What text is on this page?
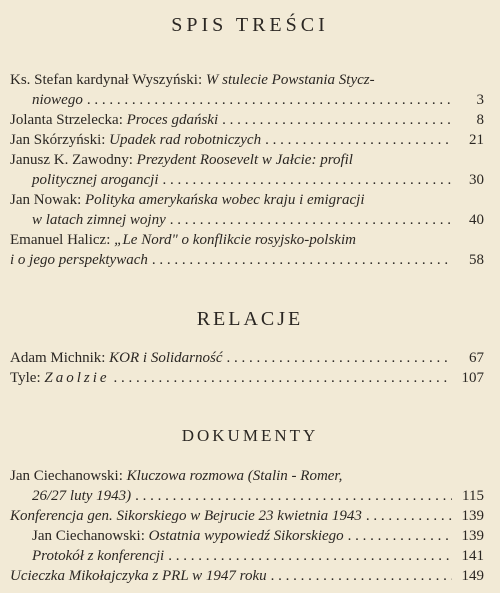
SPIS TREŚCI
Ks. Stefan kardynał Wyszyński:
W stulecie Powstania Stycz-
niowego . . .	3
Jolanta Strzelecka:
Proces gdański . . .	8
Jan Skórzyński:
Upadek rad robotniczych . . .	21
Janusz K. Zawodny:
Prezydent Roosevelt w Jałcie: profil
politycznej arogancji . . .	30
Jan Nowak:
Polityka amerykańska wobec kraju i emigracji
w latach zimnej wojny . . .	40
Emanuel Halicz:
„Le Nord" o konflikcie rosyjsko-polskim
i o jego perspektywach . . .	58
RELACJE
Adam Michnik:
KOR i Solidarność . . .	67
Tyle:
Zaolzie . . .	107
DOKUMENTY
Jan Ciechanowski:
Kluczowa rozmowa (Stalin - Romer,
26/27 luty 1943) . . .	115
Konferencja gen. Sikorskiego w Bejrucie 23 kwietnia 1943 . . .	139
Jan Ciechanowski:
Ostatnia wypowiedź Sikorskiego . . .	139
Protokół z konferencji . . .	141
Ucieczka Mikołajczyka z PRL w 1947 roku . . .	149
